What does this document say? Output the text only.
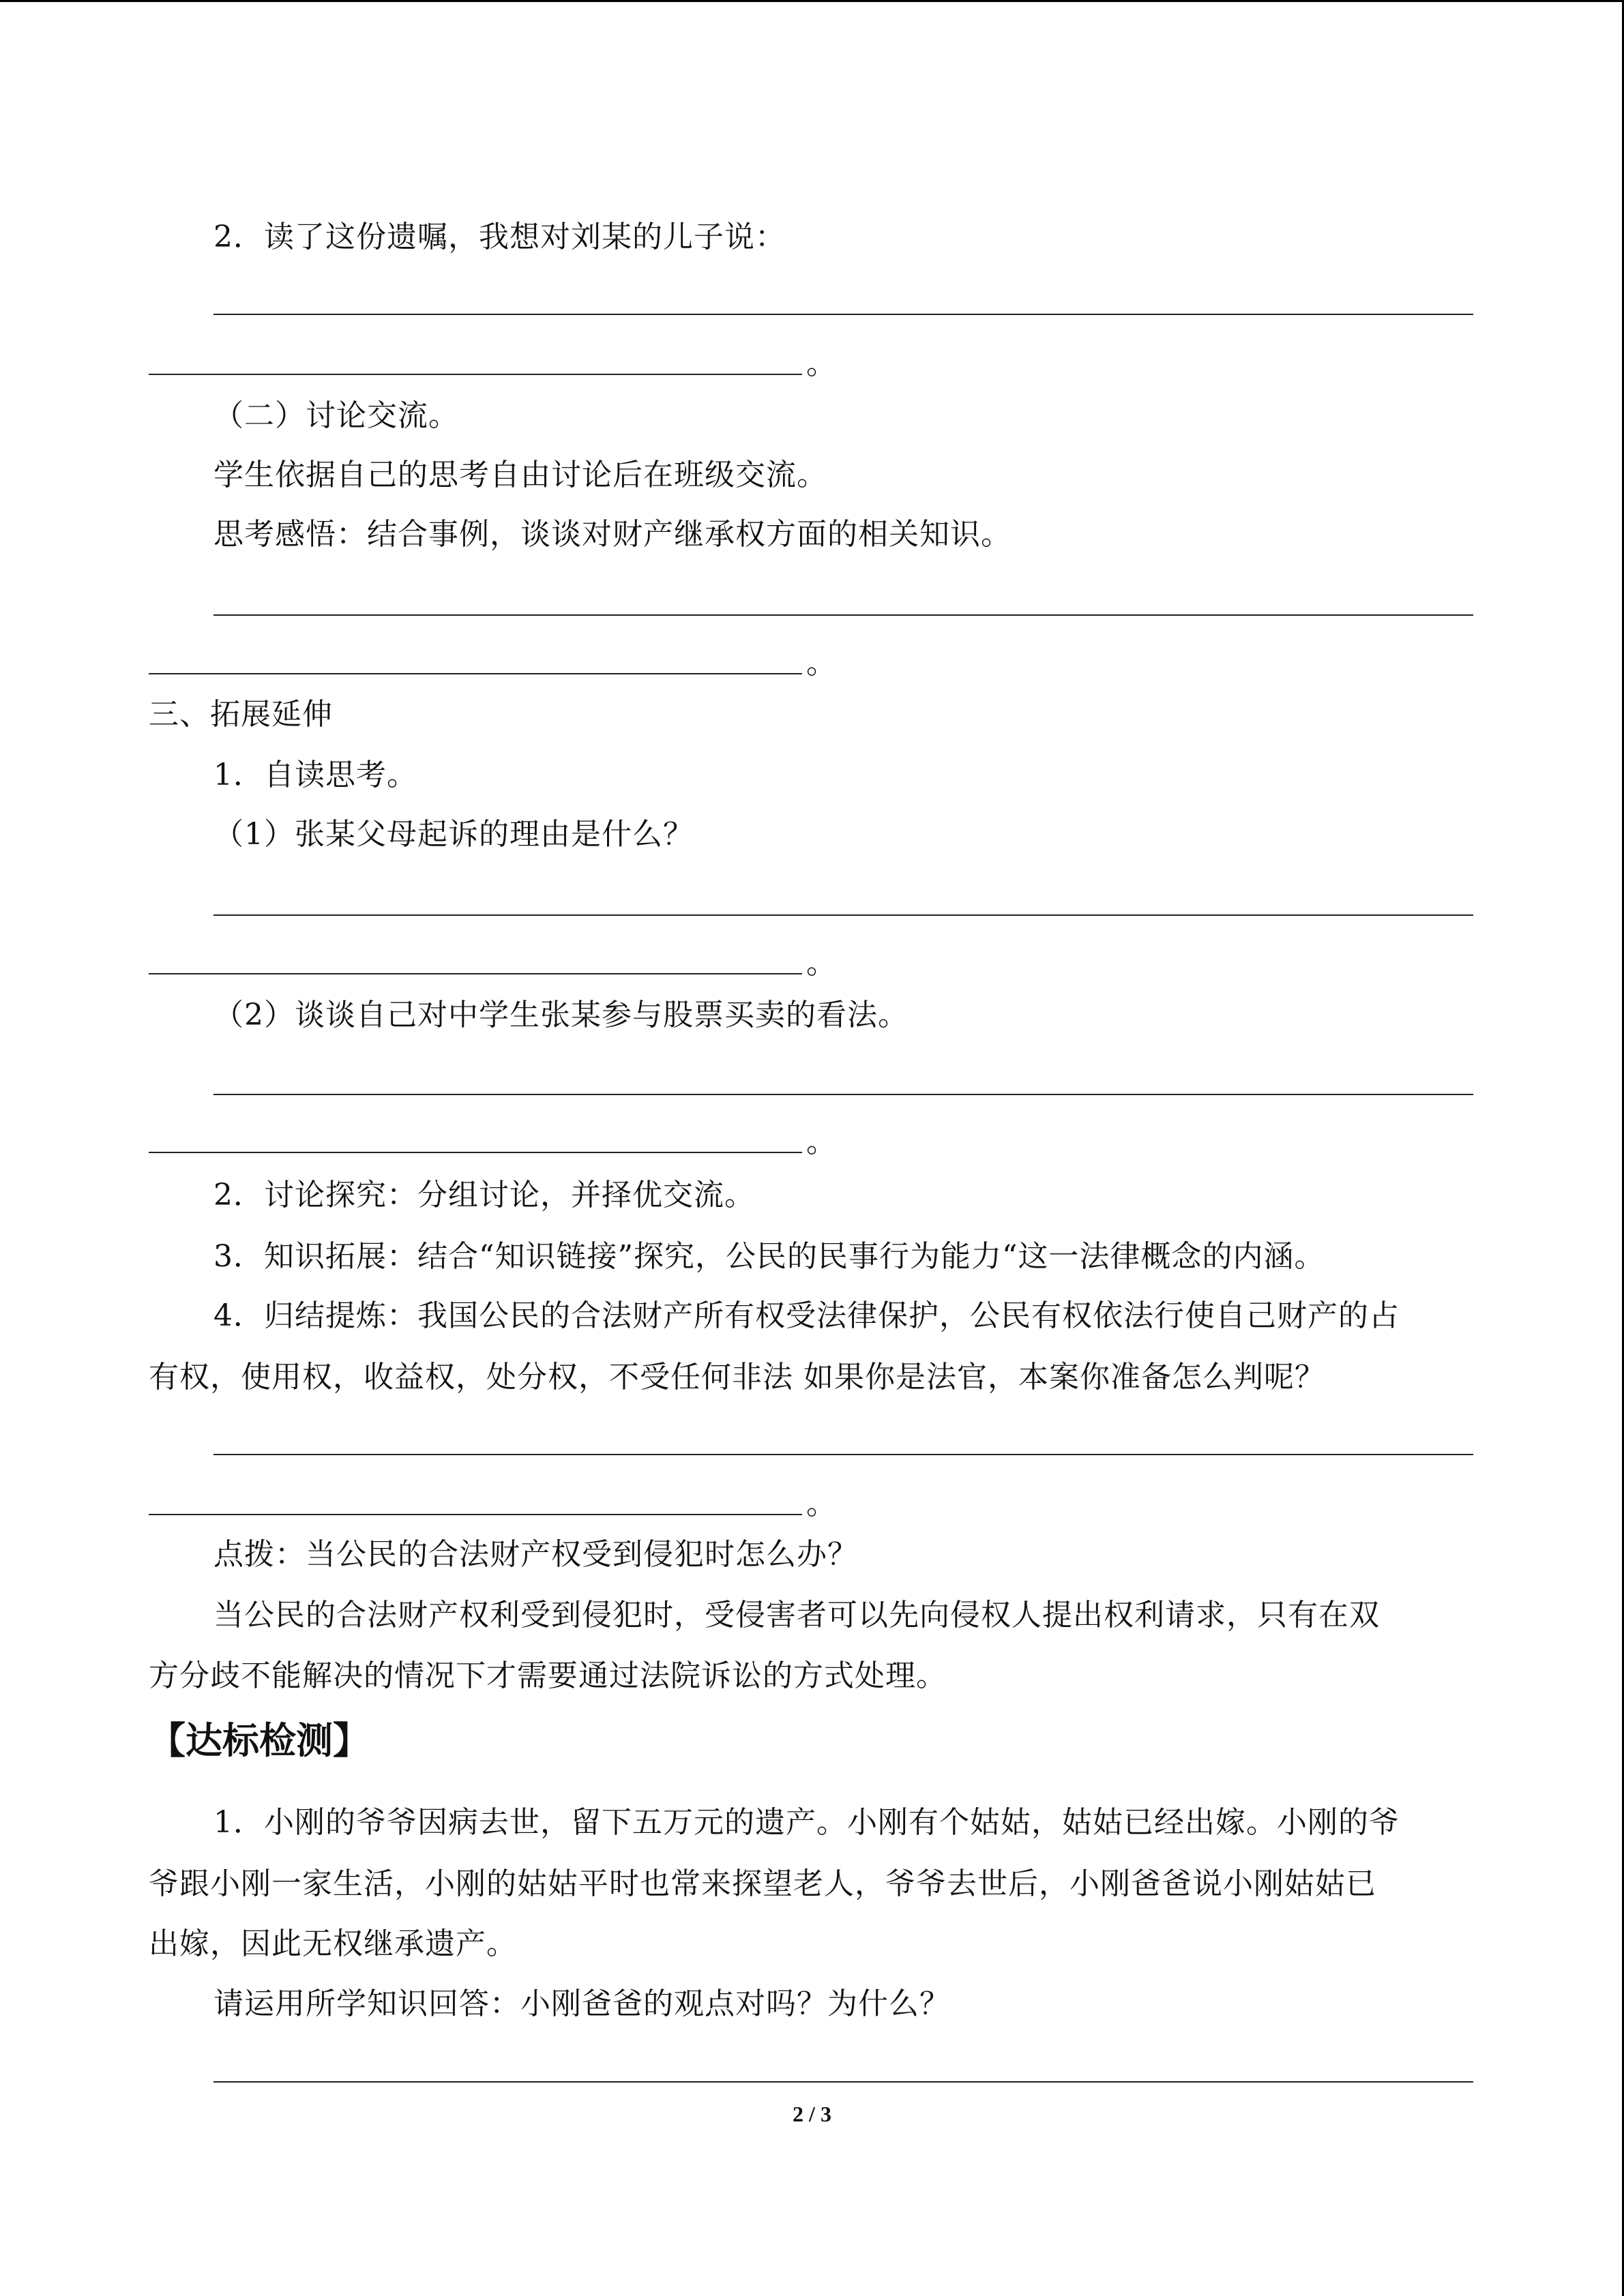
2．读了这份遗嘱，我想对刘某的儿子说：
。
（二）讨论交流。
学生依据自己的思考自由讨论后在班级交流。
思考感悟：结合事例，谈谈对财产继承权方面的相关知识。
。
三、拓展延伸
1．自读思考。
（1）张某父母起诉的理由是什么？
。
（2）谈谈自己对中学生张某参与股票买卖的看法。
。
2．讨论探究：分组讨论，并择优交流。
3．知识拓展：结合“知识链接”探究，公民的民事行为能力“这一法律概念的内涵。
4．归结提炼：我国公民的合法财产所有权受法律保护，公民有权依法行使自己财产的占
有权，使用权，收益权，处分权，不受任何非法 如果你是法官，本案你准备怎么判呢？
。
点拨：当公民的合法财产权受到侵犯时怎么办？
当公民的合法财产权利受到侵犯时，受侵害者可以先向侵权人提出权利请求，只有在双
方分歧不能解决的情况下才需要通过法院诉讼的方式处理。
【达标检测】
1．小刚的爷爷因病去世，留下五万元的遗产。小刚有个姑姑，姑姑已经出嫁。小刚的爷
爷跟小刚一家生活，小刚的姑姑平时也常来探望老人，爷爷去世后，小刚爸爸说小刚姑姑已
出嫁，因此无权继承遗产。
请运用所学知识回答：小刚爸爸的观点对吗？为什么？
2 / 3
